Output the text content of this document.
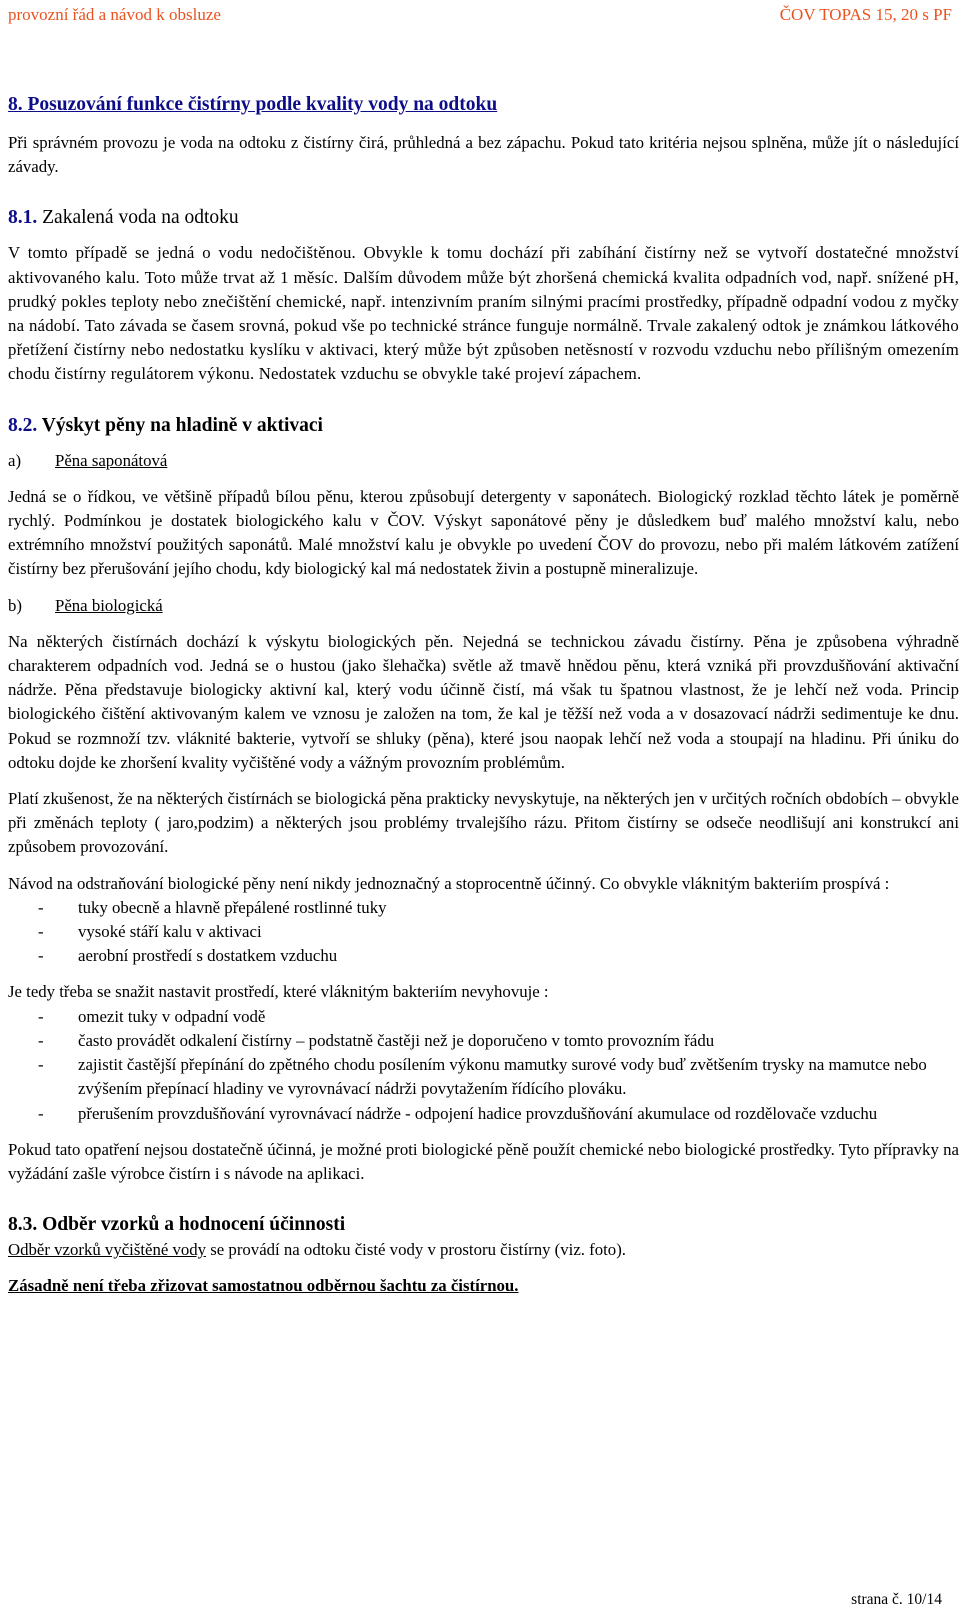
provozní řád a návod k obsluze	ČOV TOPAS 15, 20 s PF
8. Posuzování funkce čistírny podle kvality vody na odtoku

Při správném provozu je voda na odtoku z čistírny čirá, průhledná a bez zápachu. Pokud tato kritéria nejsou splněna, může jít o následující závady.

8.1. Zakalená voda na odtoku

V tomto případě se jedná o vodu nedočištěnou. Obvykle k tomu dochází při zabíhání čistírny než se vytvoří dostatečné množství aktivovaného kalu. Toto může trvat až 1 měsíc. Dalším důvodem může být zhoršená chemická kvalita odpadních vod, např. snížené pH, prudký pokles teploty nebo znečištění chemické, např. intenzivním praním silnými pracími prostředky, případně odpadní vodou z myčky na nádobí. Tato závada se časem srovná, pokud vše po technické stránce funguje normálně. Trvale zakalený odtok je známkou látkového přetížení čistírny nebo nedostatku kyslíku v aktivaci, který může být způsoben netěsností v rozvodu vzduchu nebo přílišným omezením chodu čistírny regulátorem výkonu. Nedostatek vzduchu se obvykle také projeví zápachem.

8.2. Výskyt pěny na hladině v aktivaci
a) Pěna saponátová

Jedná se o řídkou, ve většině případů bílou pěnu, kterou způsobují detergenty v saponátech. Biologický rozklad těchto látek je poměrně rychlý. Podmínkou je dostatek biologického kalu v ČOV. Výskyt saponátové pěny je důsledkem buď malého množství kalu, nebo extrémního množství použitých saponátů. Malé množství kalu je obvykle po uvedení ČOV do provozu, nebo při malém látkovém zatížení čistírny bez přerušování jejího chodu, kdy biologický kal má nedostatek živin a postupně mineralizuje.

b) Pěna biologická

Na některých čistírnách dochází k výskytu biologických pěn. Nejedná se technickou závadu čistírny. Pěna je způsobena výhradně charakterem odpadních vod. Jedná se o hustou (jako šlehačka) světle až tmavě hnědou pěnu, která vzniká při provzdušňování aktivační nádrže. Pěna představuje biologicky aktivní kal, který vodu účinně čistí, má však tu špatnou vlastnost, že je lehčí než voda. Princip biologického čištění aktivovaným kalem ve vznosu je založen na tom, že kal je těžší než voda a v dosazovací nádrži sedimentuje ke dnu. Pokud se rozmnoží tzv. vláknité bakterie, vytvoří se shluky (pěna), které jsou naopak lehčí než voda a stoupají na hladinu. Při úniku do odtoku dojde ke zhoršení kvality vyčištěné vody a vážným provozním problémům.

Platí zkušenost, že na některých čistírnách se biologická pěna prakticky nevyskytuje, na některých jen v určitých ročních obdobích – obvykle při změnách teploty ( jaro,podzim) a některých jsou problémy trvalejšího rázu. Přitom čistírny se odseče neodlišují ani konstrukcí ani způsobem provozování.

Návod na odstraňování biologické pěny není nikdy jednoznačný a stoprocentně účinný. Co obvykle vláknitým bakteriím prospívá :

-	tuky obecně a hlavně přepálené rostlinné tuky
-	vysoké stáří kalu v aktivaci
-	aerobní prostředí s dostatkem vzduchu

Je tedy třeba se snažit nastavit prostředí, které vláknitým bakteriím nevyhovuje :

-	omezit tuky v odpadní vodě
-	často provádět odkalení čistírny – podstatně častěji než je doporučeno v tomto provozním řádu
-	zajistit častější přepínání do zpětného chodu posílením výkonu mamutky surové vody buď zvětšením trysky na mamutce nebo zvýšením přepínací hladiny ve vyrovnávací nádrži povytažením řídícího plováku.
-	přerušením provzdušňování vyrovnávací nádrže - odpojení hadice provzdušňování akumulace od rozdělovače vzduchu

Pokud tato opatření nejsou dostatečně účinná, je možné proti biologické pěně použít chemické nebo biologické prostředky. Tyto přípravky na vyžádání zašle výrobce čistírn i s návode na aplikaci.

8.3. Odběr vzorků a hodnocení účinnosti

Odběr vzorků vyčištěné vody se provádí na odtoku čisté vody v prostoru čistírny (viz. foto).

Zásadně není třeba zřizovat samostatnou odběrnou šachtu za čistírnou.

strana č. 10/14
